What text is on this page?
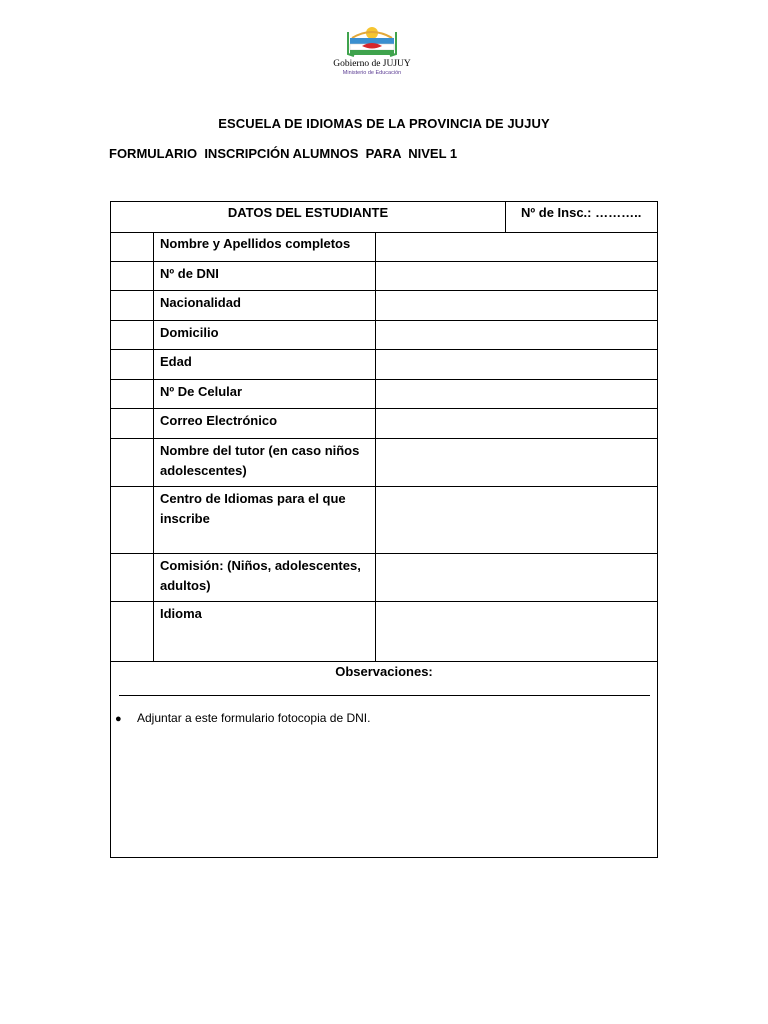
Gobierno de JUJUY
Ministerio de Educación
ESCUELA DE IDIOMAS DE LA PROVINCIA DE JUJUY
FORMULARIO  INSCRIPCIÓN ALUMNOS  PARA  NIVEL 1
DATOS DEL ESTUDIANTE	Nº de Insc.: ………..
Nombre y Apellidos completos
Nº de DNI
Nacionalidad
Domicilio
Edad
Nº De Celular
Correo Electrónico
Nombre del tutor (en caso niños adolescentes)
Centro de Idiomas para el que inscribe
Comisión: (Niños, adolescentes, adultos)
Idioma
Observaciones:
● Adjuntar a este formulario fotocopia de DNI.
